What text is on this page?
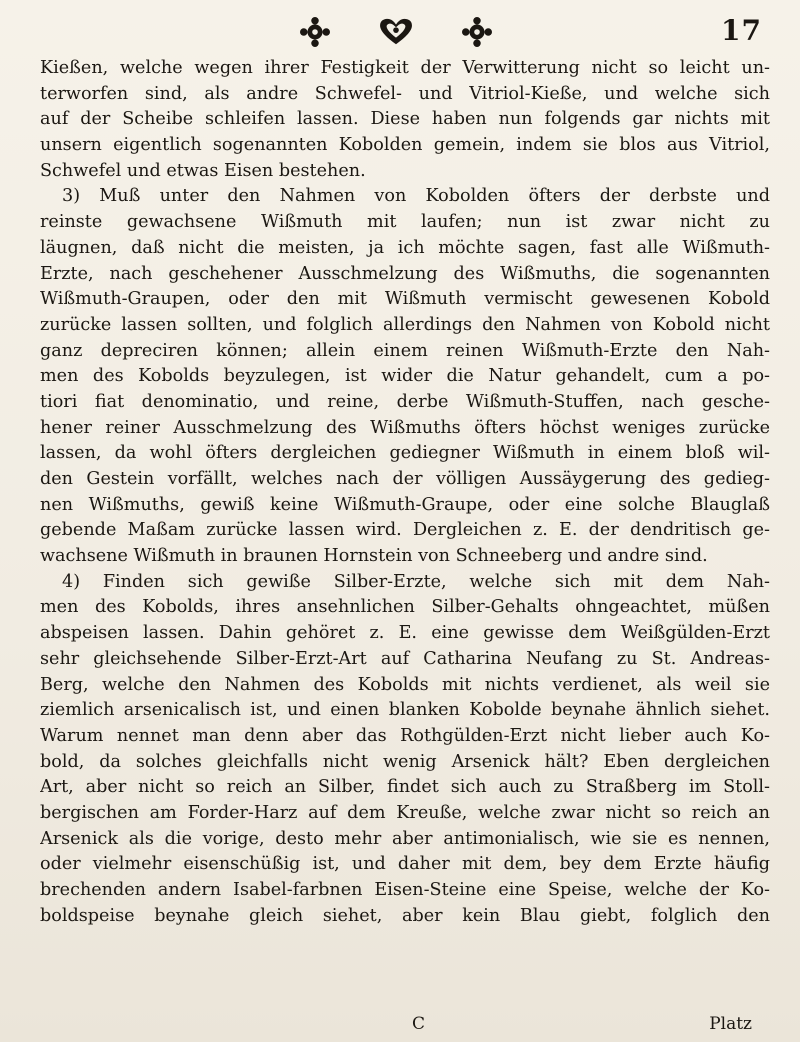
17
Kießen, welche wegen ihrer Festigkeit der Verwitterung nicht so leicht un-
terworfen sind, als andre Schwefel- und Vitriol-Kieße, und welche sich
auf der Scheibe schleifen lassen. Diese haben nun folgends gar nichts mit
unsern eigentlich sogenannten Kobolden gemein, indem sie blos aus Vitriol,
Schwefel und etwas Eisen bestehen.
3) Muß unter den Nahmen von Kobolden öfters der derbste und
reinste gewachsene Wißmuth mit laufen; nun ist zwar nicht zu
läugnen, daß nicht die meisten, ja ich möchte sagen, fast alle Wißmuth-
Erzte, nach geschehener Ausschmelzung des Wißmuths, die sogenannten
Wißmuth-Graupen, oder den mit Wißmuth vermischt gewesenen Kobold
zurücke lassen sollten, und folglich allerdings den Nahmen von Kobold nicht
ganz depreciren können; allein einem reinen Wißmuth-Erzte den Nah-
men des Kobolds beyzulegen, ist wider die Natur gehandelt, cum a po-
tiori fiat denominatio, und reine, derbe Wißmuth-Stuffen, nach gesche-
hener reiner Ausschmelzung des Wißmuths öfters höchst weniges zurücke
lassen, da wohl öfters dergleichen gediegner Wißmuth in einem bloß wil-
den Gestein vorfällt, welches nach der völligen Aussäygerung des gedieg-
nen Wißmuths, gewiß keine Wißmuth-Graupe, oder eine solche Blauglaß
gebende Maßam zurücke lassen wird. Dergleichen z. E. der dendritisch ge-
wachsene Wißmuth in braunen Hornstein von Schneeberg und andre sind.
4) Finden sich gewiße Silber-Erzte, welche sich mit dem Nah-
men des Kobolds, ihres ansehnlichen Silber-Gehalts ohngeachtet, müßen
abspeisen lassen. Dahin gehöret z. E. eine gewisse dem Weißgülden-Erzt
sehr gleichsehende Silber-Erzt-Art auf Catharina Neufang zu St. Andreas-
Berg, welche den Nahmen des Kobolds mit nichts verdienet, als weil sie
ziemlich arsenicalisch ist, und einen blanken Kobolde beynahe ähnlich siehet.
Warum nennet man denn aber das Rothgülden-Erzt nicht lieber auch Ko-
bold, da solches gleichfalls nicht wenig Arsenick hält? Eben dergleichen
Art, aber nicht so reich an Silber, findet sich auch zu Straßberg im Stoll-
bergischen am Forder-Harz auf dem Kreuße, welche zwar nicht so reich an
Arsenick als die vorige, desto mehr aber antimonialisch, wie sie es nennen,
oder vielmehr eisenschüßig ist, und daher mit dem, bey dem Erzte häufig
brechenden andern Isabel-farbnen Eisen-Steine eine Speise, welche der Ko-
boldspeise beynahe gleich siehet, aber kein Blau giebt, folglich den
C	Platz
